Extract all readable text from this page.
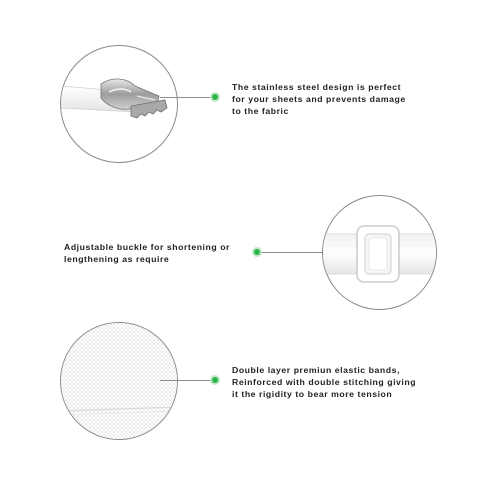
The stainless steel design is perfect
for your sheets and prevents damage
to the fabric
Adjustable buckle for shortening or
lengthening as require
Double layer premiun elastic bands,
Reinforced with double stitching giving
it the rigidity to bear more tension
